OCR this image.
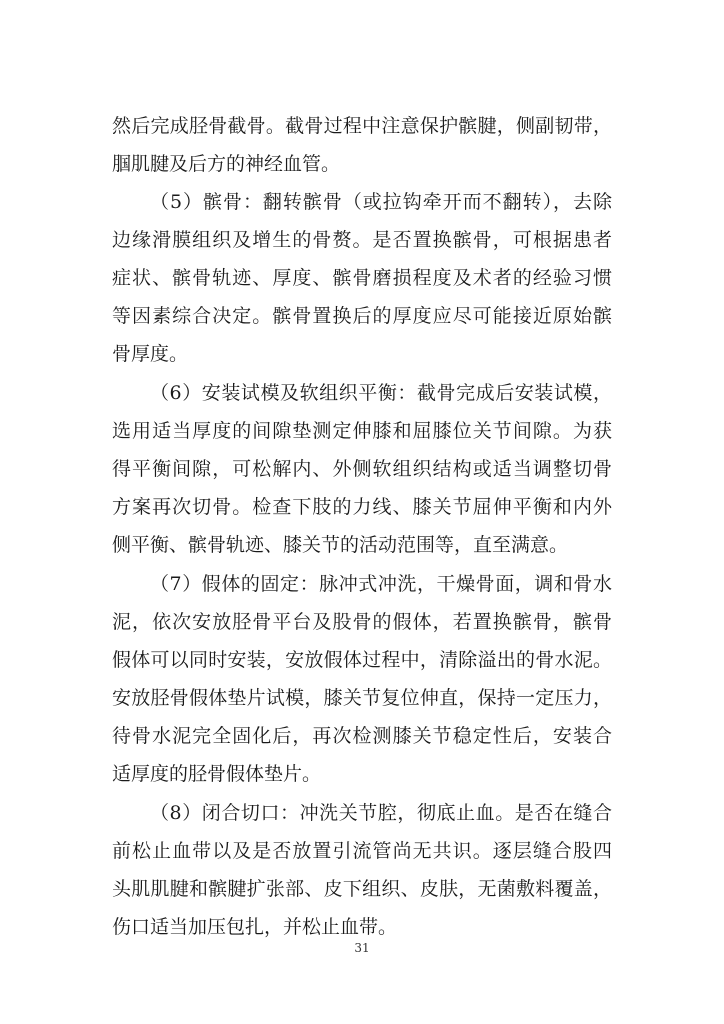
然后完成胫骨截骨。截骨过程中注意保护髌腱，侧副韧带，
腘肌腱及后方的神经血管。
（5）髌骨：翻转髌骨（或拉钩牵开而不翻转），去除
边缘滑膜组织及增生的骨赘。是否置换髌骨，可根据患者
症状、髌骨轨迹、厚度、髌骨磨损程度及术者的经验习惯
等因素综合决定。髌骨置换后的厚度应尽可能接近原始髌
骨厚度。
（6）安装试模及软组织平衡：截骨完成后安装试模，
选用适当厚度的间隙垫测定伸膝和屈膝位关节间隙。为获
得平衡间隙，可松解内、外侧软组织结构或适当调整切骨
方案再次切骨。检查下肢的力线、膝关节屈伸平衡和内外
侧平衡、髌骨轨迹、膝关节的活动范围等，直至满意。
（7）假体的固定：脉冲式冲洗，干燥骨面，调和骨水
泥，依次安放胫骨平台及股骨的假体，若置换髌骨，髌骨
假体可以同时安装，安放假体过程中，清除溢出的骨水泥。
安放胫骨假体垫片试模，膝关节复位伸直，保持一定压力，
待骨水泥完全固化后，再次检测膝关节稳定性后，安装合
适厚度的胫骨假体垫片。
（8）闭合切口：冲洗关节腔，彻底止血。是否在缝合
前松止血带以及是否放置引流管尚无共识。逐层缝合股四
头肌肌腱和髌腱扩张部、皮下组织、皮肤，无菌敷料覆盖，
伤口适当加压包扎，并松止血带。
31
